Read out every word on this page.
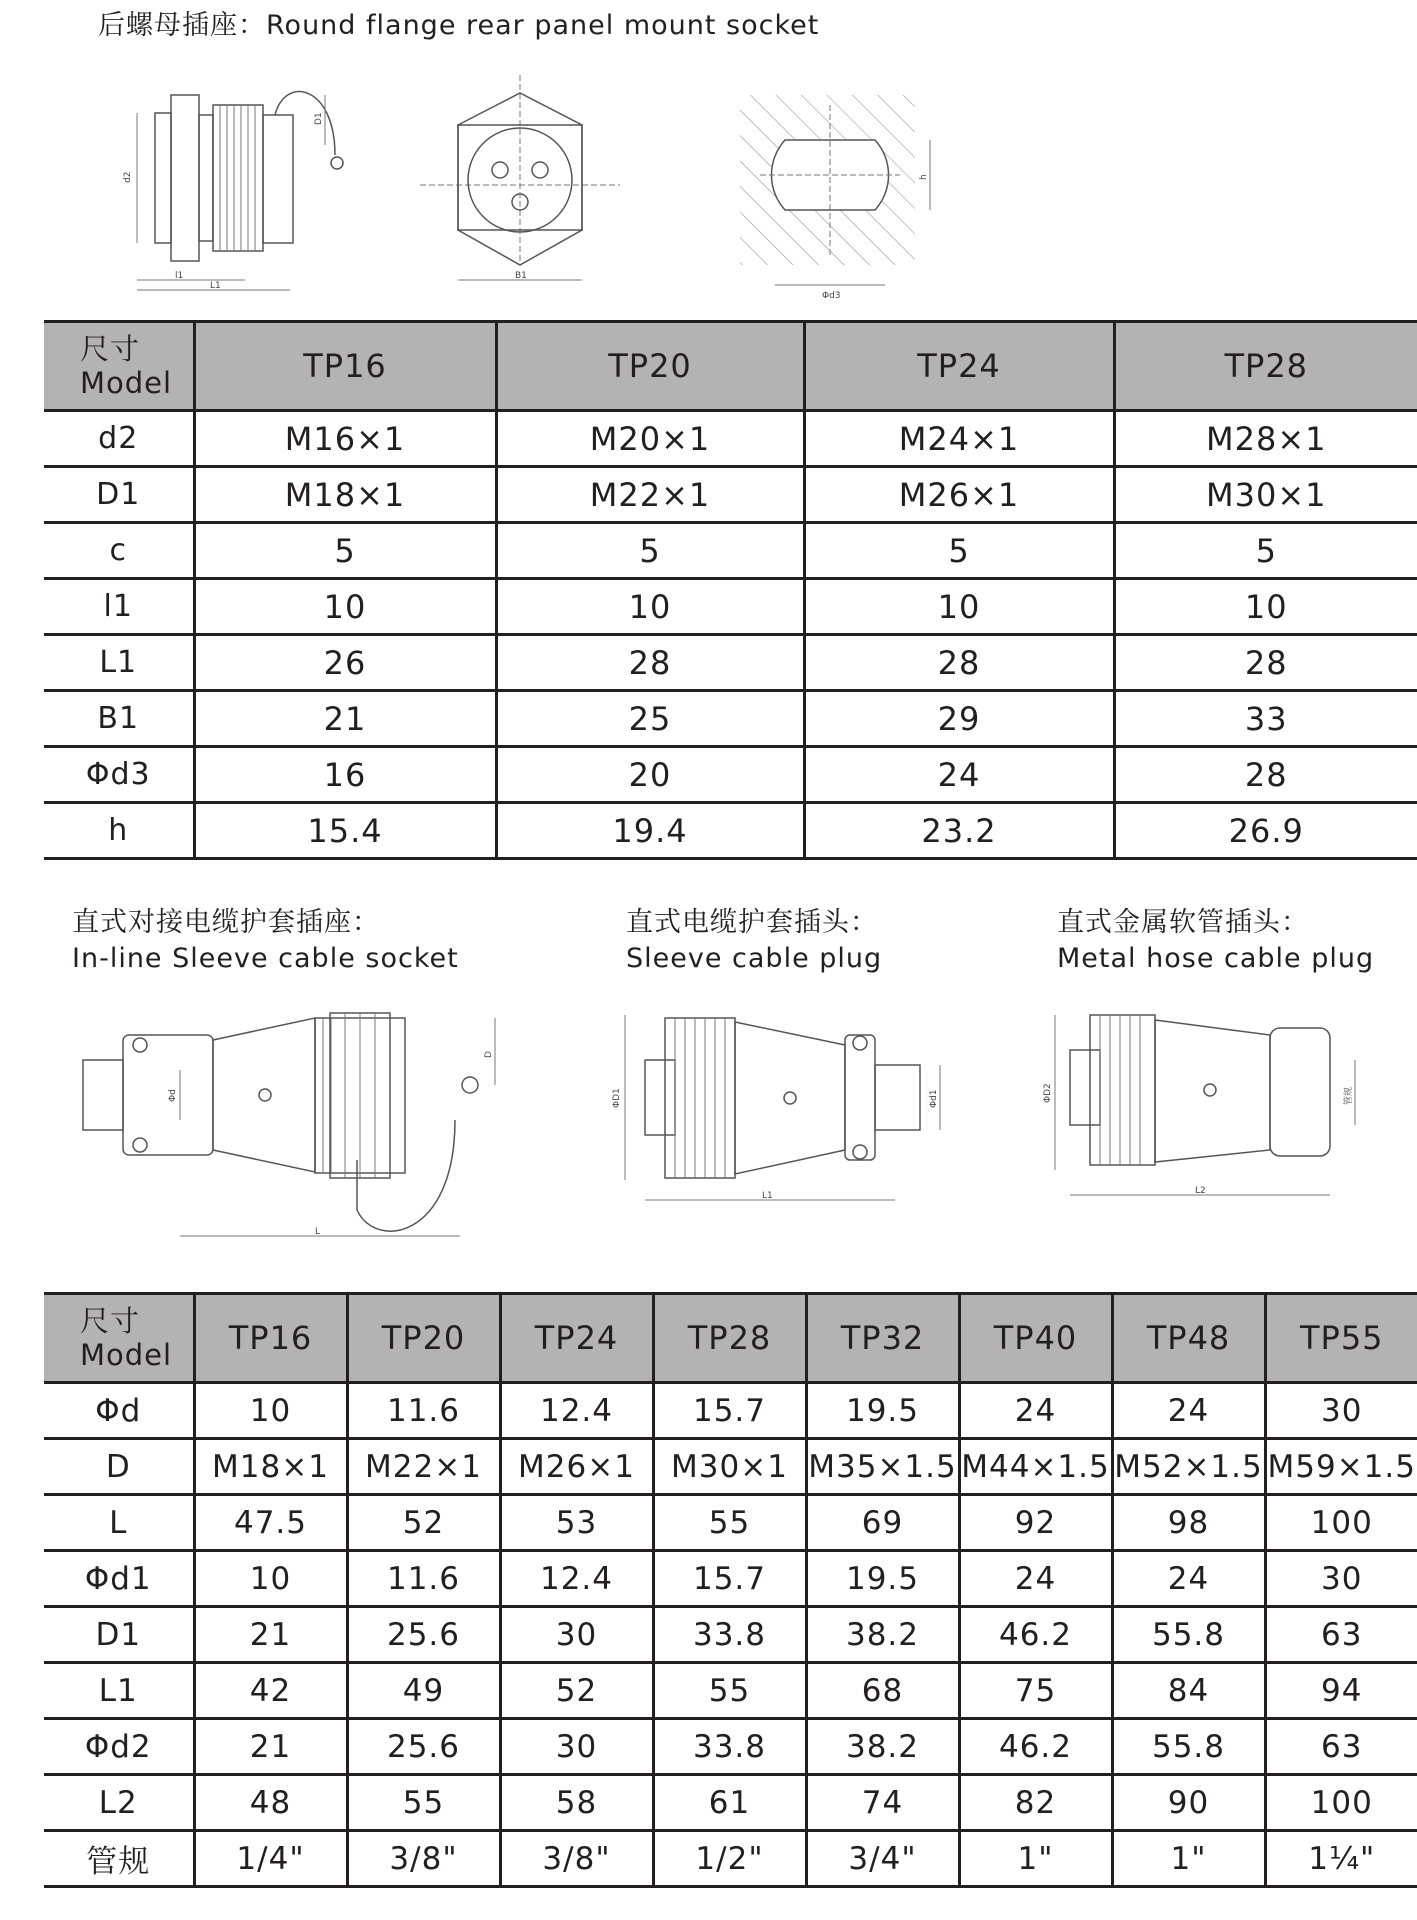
后螺母插座：Round flange rear panel mount socket
d2
D1
l1
L1
B1
h
Φd3
尺寸
Model	TP16	TP20	TP24	TP28
d2	M16×1	M20×1	M24×1	M28×1
D1	M18×1	M22×1	M26×1	M30×1
c	5	5	5	5
l1	10	10	10	10
L1	26	28	28	28
B1	21	25	29	33
Φd3	16	20	24	28
h	15.4	19.4	23.2	26.9
直式对接电缆护套插座：
In-line Sleeve cable socket
直式电缆护套插头：
Sleeve cable plug
直式金属软管插头：
Metal hose cable plug
Φd
D
L
ΦD1	Φd1
L1
ΦD2	管规
L2
尺寸
Model	TP16	TP20	TP24	TP28	TP32	TP40	TP48	TP55
Φd	10	11.6	12.4	15.7	19.5	24	24	30
D	M18×1	M22×1	M26×1	M30×1	M35×1.5	M44×1.5	M52×1.5	M59×1.5
L	47.5	52	53	55	69	92	98	100
Φd1	10	11.6	12.4	15.7	19.5	24	24	30
D1	21	25.6	30	33.8	38.2	46.2	55.8	63
L1	42	49	52	55	68	75	84	94
Φd2	21	25.6	30	33.8	38.2	46.2	55.8	63
L2	48	55	58	61	74	82	90	100
管规	1/4"	3/8"	3/8"	1/2"	3/4"	1"	1"	1¼"
